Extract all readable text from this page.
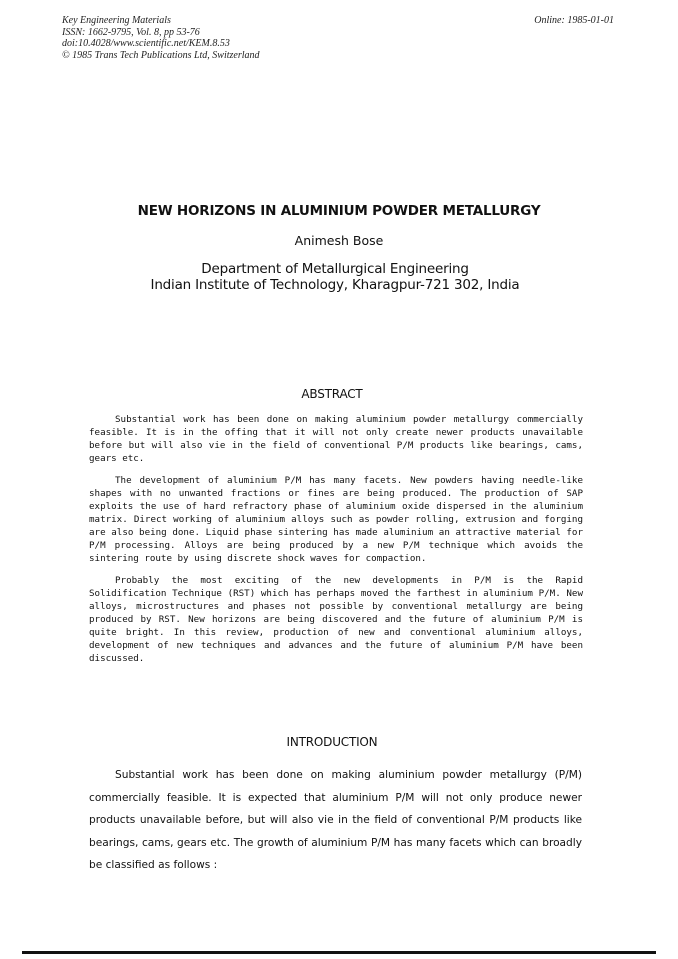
Key Engineering Materials
ISSN: 1662-9795, Vol. 8, pp 53-76
doi:10.4028/www.scientific.net/KEM.8.53
© 1985 Trans Tech Publications Ltd, Switzerland
Online: 1985-01-01
NEW HORIZONS IN ALUMINIUM POWDER METALLURGY
Animesh Bose
Department of Metallurgical Engineering
Indian Institute of Technology, Kharagpur-721 302, India
ABSTRACT

Substantial work has been done on making aluminium powder metallurgy commercially feasible. It is in the offing that it will not only create newer products unavailable before but will also vie in the field of conventional P/M products like bearings, cams, gears etc.

The development of aluminium P/M has many facets. New powders having needle-like shapes with no unwanted fractions or fines are being produced. The production of SAP exploits the use of hard refractory phase of aluminium oxide dispersed in the aluminium matrix. Direct working of aluminium alloys such as powder rolling, extrusion and forging are also being done. Liquid phase sintering has made aluminium an attractive material for P/M processing. Alloys are being produced by a new P/M technique which avoids the sintering route by using discrete shock waves for compaction.

Probably the most exciting of the new developments in P/M is the Rapid Solidification Technique (RST) which has perhaps moved the farthest in aluminium P/M. New alloys, microstructures and phases not possible by conventional metallurgy are being produced by RST. New horizons are being discovered and the future of aluminium P/M is quite bright. In this review, production of new and conventional aluminium alloys, development of new techniques and advances and the future of aluminium P/M have been discussed.

INTRODUCTION

Substantial work has been done on making aluminium powder metallurgy (P/M) commercially feasible. It is expected that aluminium P/M will not only produce newer products unavailable before, but will also vie in the field of conventional P/M products like bearings, cams, gears etc. The growth of aluminium P/M has many facets which can broadly be classified as follows :
